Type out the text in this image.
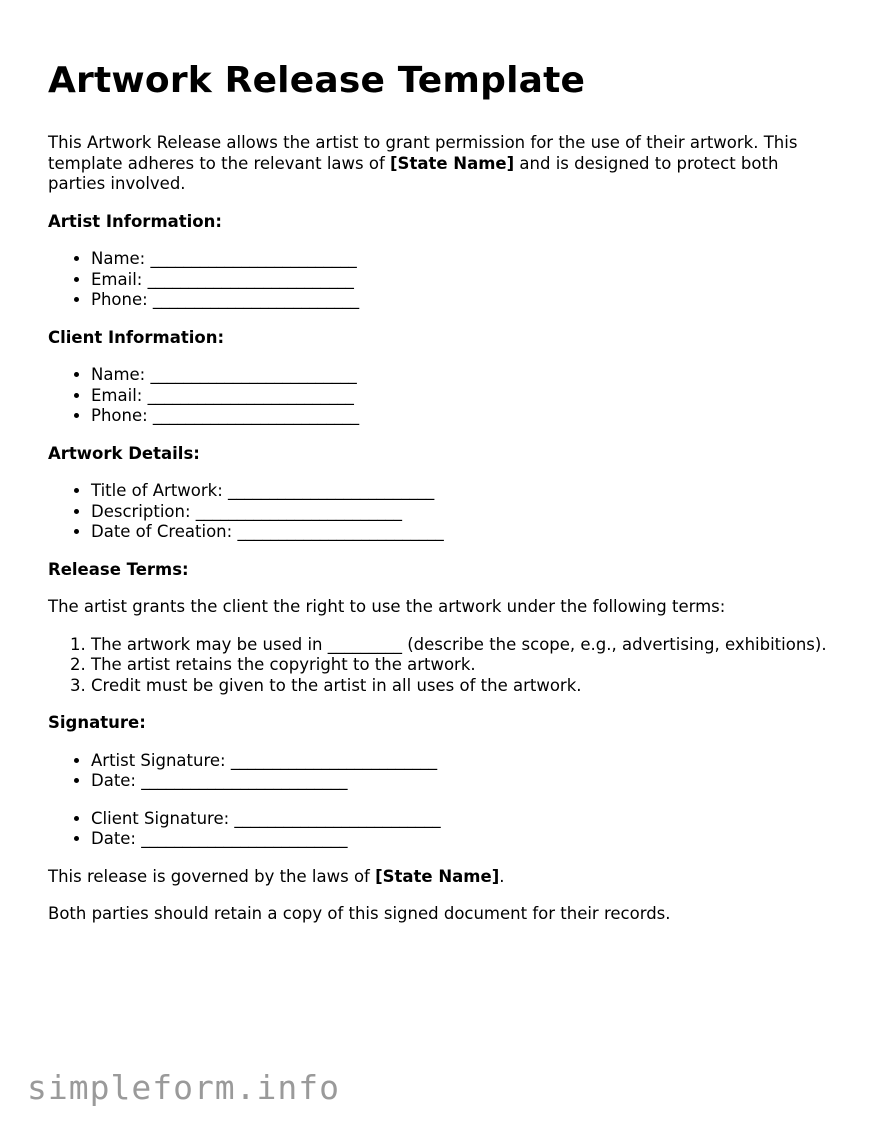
Artwork Release Template

This Artwork Release allows the artist to grant permission for the use of their artwork. This template adheres to the relevant laws of [State Name] and is designed to protect both parties involved.

Artist Information:
• Name: _________________________
• Email: _________________________
• Phone: _________________________
Client Information:
• Name: _________________________
• Email: _________________________
• Phone: _________________________
Artwork Details:
• Title of Artwork: _________________________
• Description: _________________________
• Date of Creation: _________________________
Release Terms:

The artist grants the client the right to use the artwork under the following terms:

1. The artwork may be used in _________ (describe the scope, e.g., advertising, exhibitions).
2. The artist retains the copyright to the artwork.
3. Credit must be given to the artist in all uses of the artwork.
Signature:
• Artist Signature: _________________________
• Date: _________________________
• Client Signature: _________________________
• Date: _________________________

This release is governed by the laws of [State Name].

Both parties should retain a copy of this signed document for their records.

simpleform.info
